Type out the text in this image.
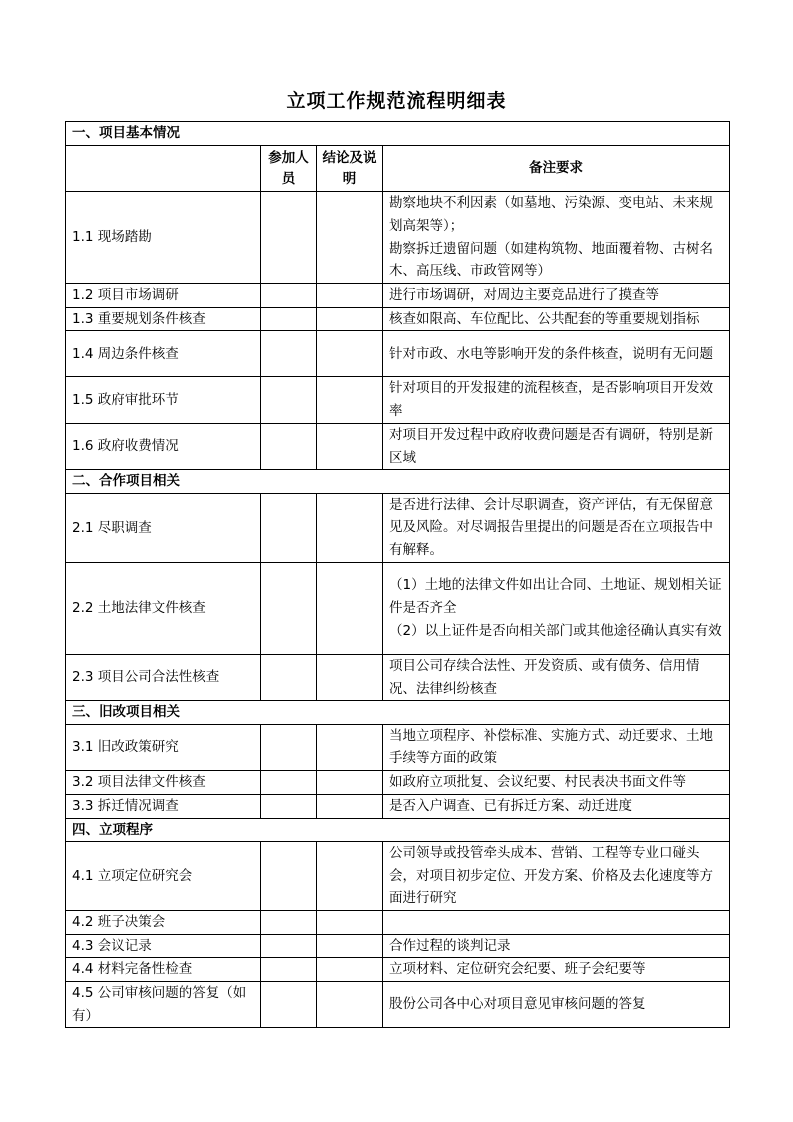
立项工作规范流程明细表
一、项目基本情况			
	参加人员	结论及说明	备注要求
1.1 现场踏勘			勘察地块不利因素（如墓地、污染源、变电站、未来规划高架等）；
勘察拆迁遗留问题（如建构筑物、地面覆着物、古树名木、高压线、市政管网等）
1.2 项目市场调研			进行市场调研，对周边主要竞品进行了摸查等
1.3 重要规划条件核查			核查如限高、车位配比、公共配套的等重要规划指标
1.4 周边条件核查			针对市政、水电等影响开发的条件核查，说明有无问题
1.5 政府审批环节			针对项目的开发报建的流程核查，是否影响项目开发效率
1.6 政府收费情况			对项目开发过程中政府收费问题是否有调研，特别是新区域
二、合作项目相关			
2.1 尽职调查			是否进行法律、会计尽职调查，资产评估，有无保留意见及风险。对尽调报告里提出的问题是否在立项报告中有解释。
2.2 土地法律文件核查			（1）土地的法律文件如出让合同、土地证、规划相关证件是否齐全
（2）以上证件是否向相关部门或其他途径确认真实有效
2.3 项目公司合法性核查			项目公司存续合法性、开发资质、或有债务、信用情况、法律纠纷核查
三、旧改项目相关			
3.1 旧改政策研究			当地立项程序、补偿标准、实施方式、动迁要求、土地手续等方面的政策
3.2 项目法律文件核查			如政府立项批复、会议纪要、村民表决书面文件等
3.3 拆迁情况调查			是否入户调查、已有拆迁方案、动迁进度
四、立项程序			
4.1 立项定位研究会			公司领导或投管牵头成本、营销、工程等专业口碰头会，对项目初步定位、开发方案、价格及去化速度等方面进行研究
4.2 班子决策会			
4.3 会议记录			合作过程的谈判记录
4.4 材料完备性检查			立项材料、定位研究会纪要、班子会纪要等
4.5 公司审核问题的答复（如有）			股份公司各中心对项目意见审核问题的答复
